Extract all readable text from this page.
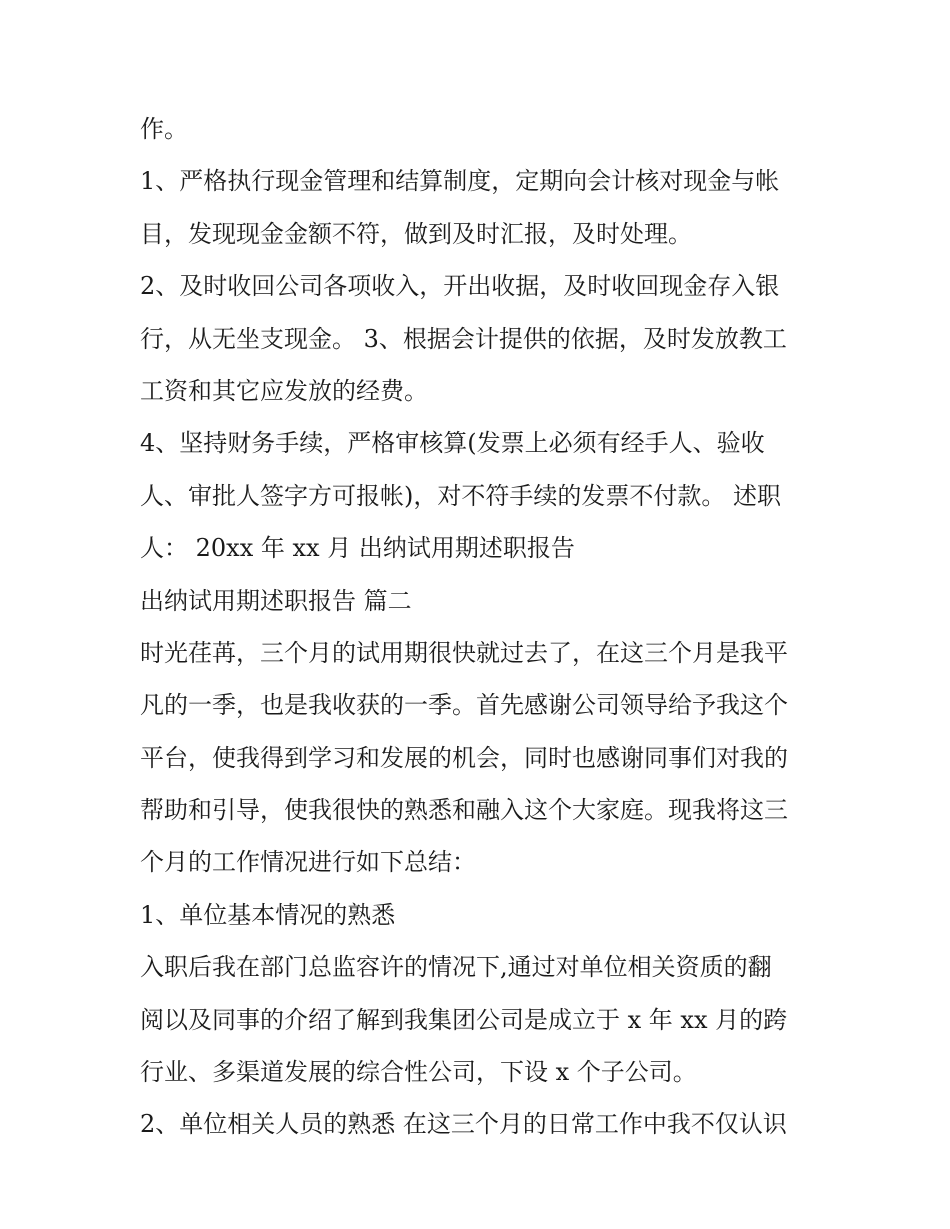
作。

1、严格执行现金管理和结算制度，定期向会计核对现金与帐

目，发现现金金额不符，做到及时汇报，及时处理。

2、及时收回公司各项收入，开出收据，及时收回现金存入银

行，从无坐支现金。 3、根据会计提供的依据，及时发放教工

工资和其它应发放的经费。

4、坚持财务手续，严格审核算(发票上必须有经手人、验收

人、审批人签字方可报帐)，对不符手续的发票不付款。 述职

人： 20xx 年 xx 月 出纳试用期述职报告

出纳试用期述职报告 篇二

时光荏苒，三个月的试用期很快就过去了，在这三个月是我平

凡的一季，也是我收获的一季。首先感谢公司领导给予我这个

平台，使我得到学习和发展的机会，同时也感谢同事们对我的

帮助和引导，使我很快的熟悉和融入这个大家庭。现我将这三

个月的工作情况进行如下总结：

1、单位基本情况的熟悉

入职后我在部门总监容许的情况下,通过对单位相关资质的翻

阅以及同事的介绍了解到我集团公司是成立于 x 年 xx 月的跨

行业、多渠道发展的综合性公司，下设 x 个子公司。

2、单位相关人员的熟悉 在这三个月的日常工作中我不仅认识
